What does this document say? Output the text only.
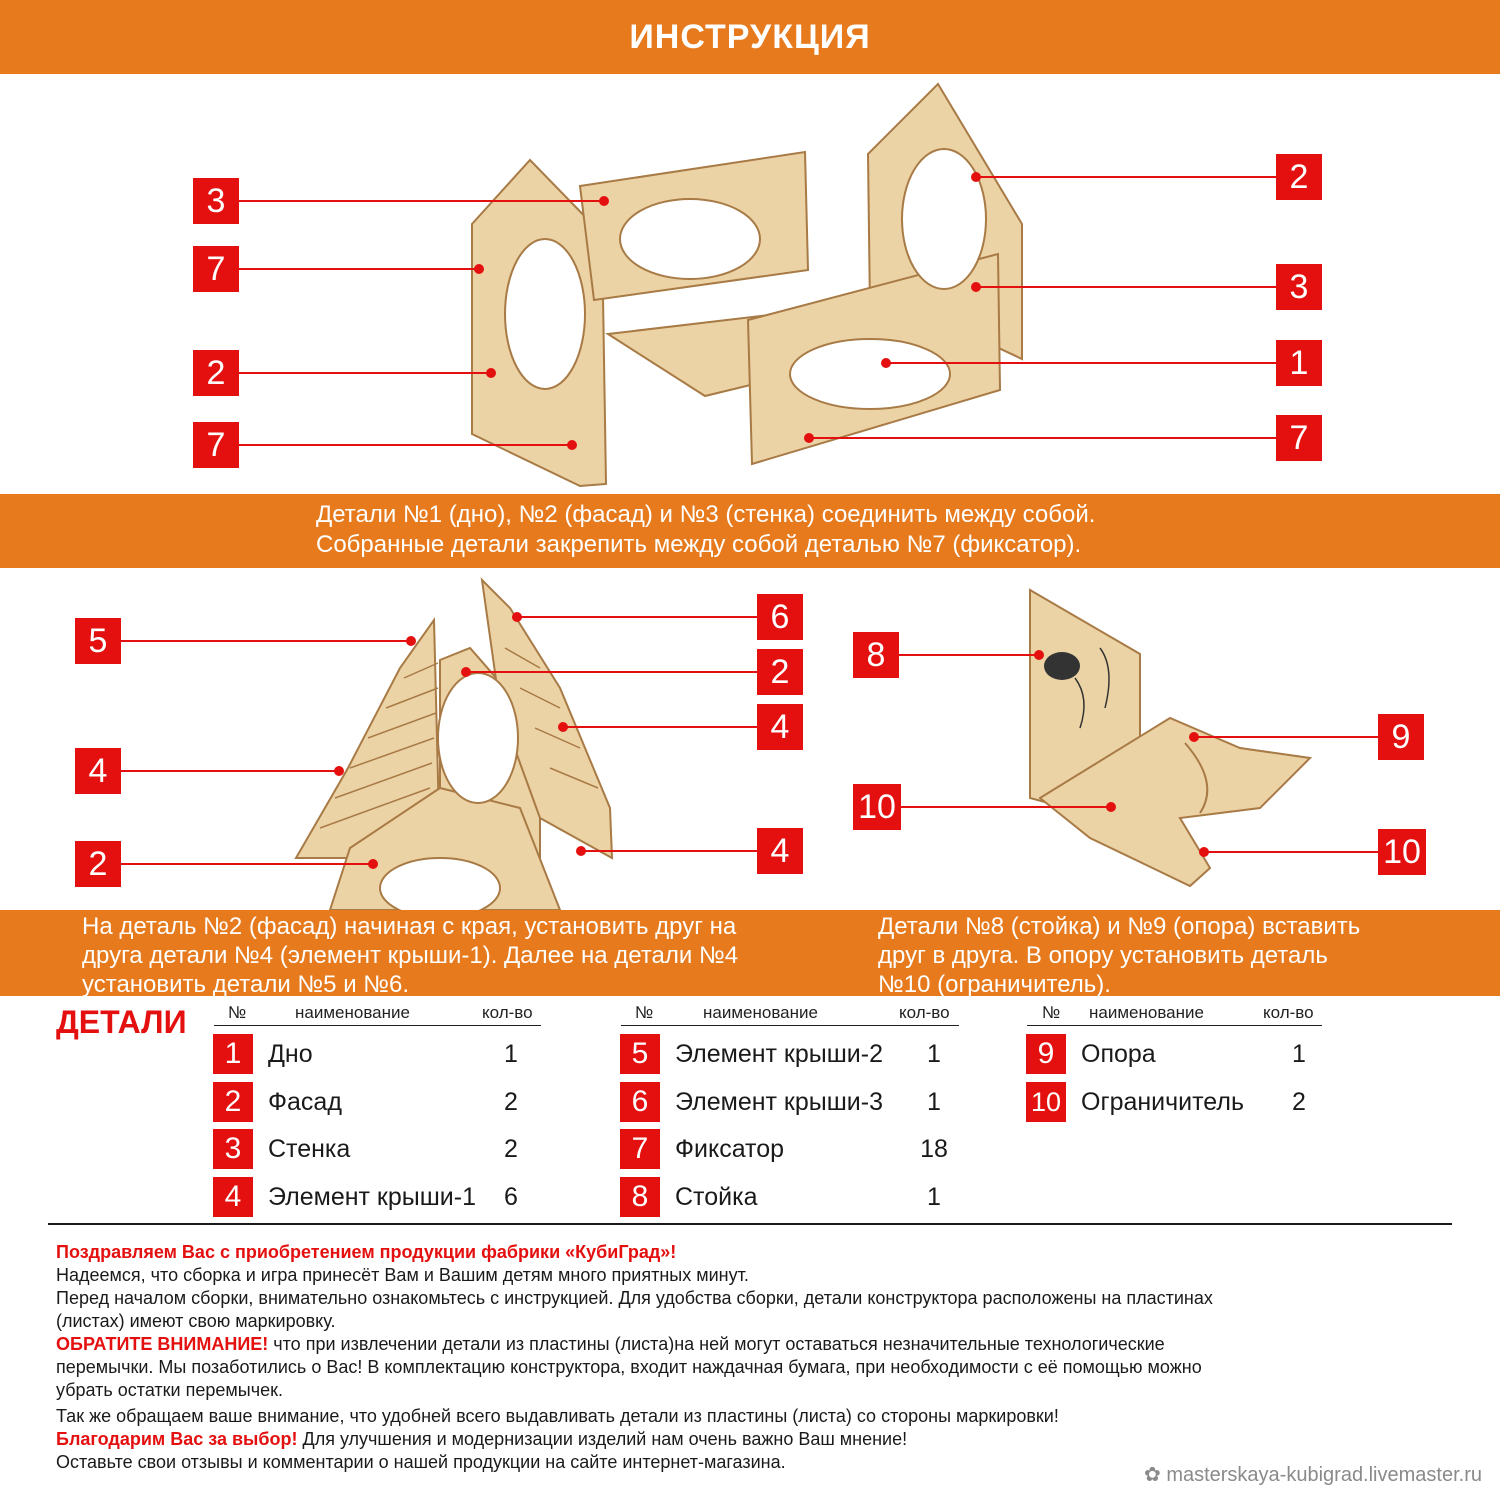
ИНСТРУКЦИЯ
3
7
2
7
2
3
1
7
Детали №1 (дно), №2 (фасад) и №3 (стенка) соединить между собой.
Собранные детали закрепить между собой деталью №7 (фиксатор).
5
4
2
6
2
4
4
8
10
9
10
На деталь №2 (фасад) начиная с края, установить друг на
друга детали №4 (элемент крыши-1). Далее на детали №4
установить детали №5 и №6.
Детали №8 (стойка) и №9 (опора) вставить
друг в друга. В опору установить деталь
№10 (ограничитель).
ДЕТАЛИ №	наименование	кол-во
1	Дно	1
2	Фасад	2
3	Стенка	2
4	Элемент крыши-1	6
№	наименование	кол-во
5	Элемент крыши-2	1
6	Элемент крыши-3	1
7	Фиксатор	18
8	Стойка	1
№ наименование	кол-во
9	Опора	1
10 Ограничитель	2
Поздравляем Вас с приобретением продукции фабрики «КубиГрад»!
Надеемся, что сборка и игра принесёт Вам и Вашим детям много приятных минут.
Перед началом сборки, внимательно ознакомьтесь с инструкцией. Для удобства сборки, детали конструктора расположены на пластинах
(листах) имеют свою маркировку.
ОБРАТИТЕ ВНИМАНИЕ! что при извлечении детали из пластины (листа)на ней могут оставаться незначительные технологические
перемычки. Мы позаботились о Вас! В комплектацию конструктора, входит наждачная бумага, при необходимости с её помощью можно
убрать остатки перемычек.
Так же обращаем ваше внимание, что удобней всего выдавливать детали из пластины (листа) со стороны маркировки!
Благодарим Вас за выбор! Для улучшения и модернизации изделий нам очень важно Ваш мнение!
Оставьте свои отзывы и комментарии о нашей продукции на сайте интернет-магазина.
✿ masterskaya-kubigrad.livemaster.ru
